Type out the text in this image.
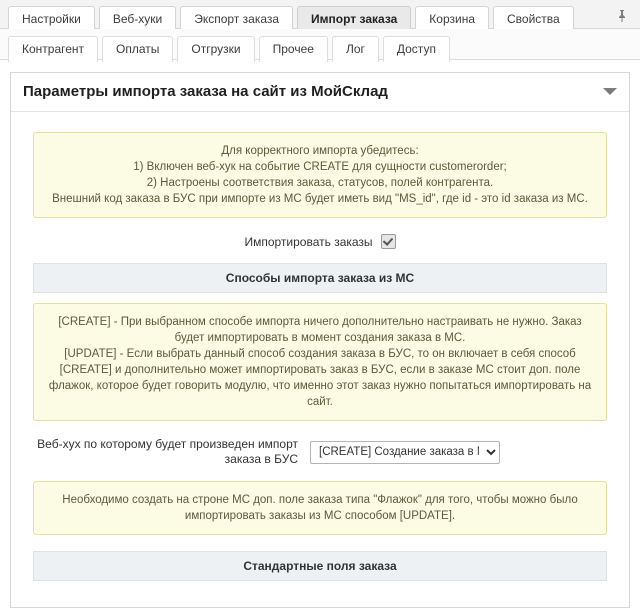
Настройки	Веб-хуки	Экспорт заказа	Импорт заказа	Корзина	Свойства
Контрагент	Оплаты	Отгрузки	Прочее	Лог	Доступ
Параметры импорта заказа на сайт из МойСклад

Для корректного импорта убедитесь:

1) Включен веб-хук на событие CREATE для сущности customerorder;

2) Настроены соответствия заказа, статусов, полей контрагента.

Внешний код заказа в БУС при импорте из МС будет иметь вид "MS_id", где id - это id заказа из МС.

Импортировать заказы
Способы импорта заказа из МС

[CREATE] - При выбранном способе импорта ничего дополнительно настраивать не нужно. Заказ будет импортировать в момент создания заказа в МС.

[UPDATE] - Если выбрать данный способ создания заказа в БУС, то он включает в себя способ [CREATE] и дополнительно может импортировать заказ в БУС, если в заказе МС стоит доп. поле флажок, которое будет говорить модулю, что именно этот заказ нужно попытаться импортировать на сайт.

Веб-хух по которому будет произведен импорт заказа в БУС
[CREATE] Создание заказа в МС

Необходимо создать на строне МС доп. поле заказа типа "Флажок" для того, чтобы можно было импортировать заказы из МС способом [UPDATE].

Стандартные поля заказа
